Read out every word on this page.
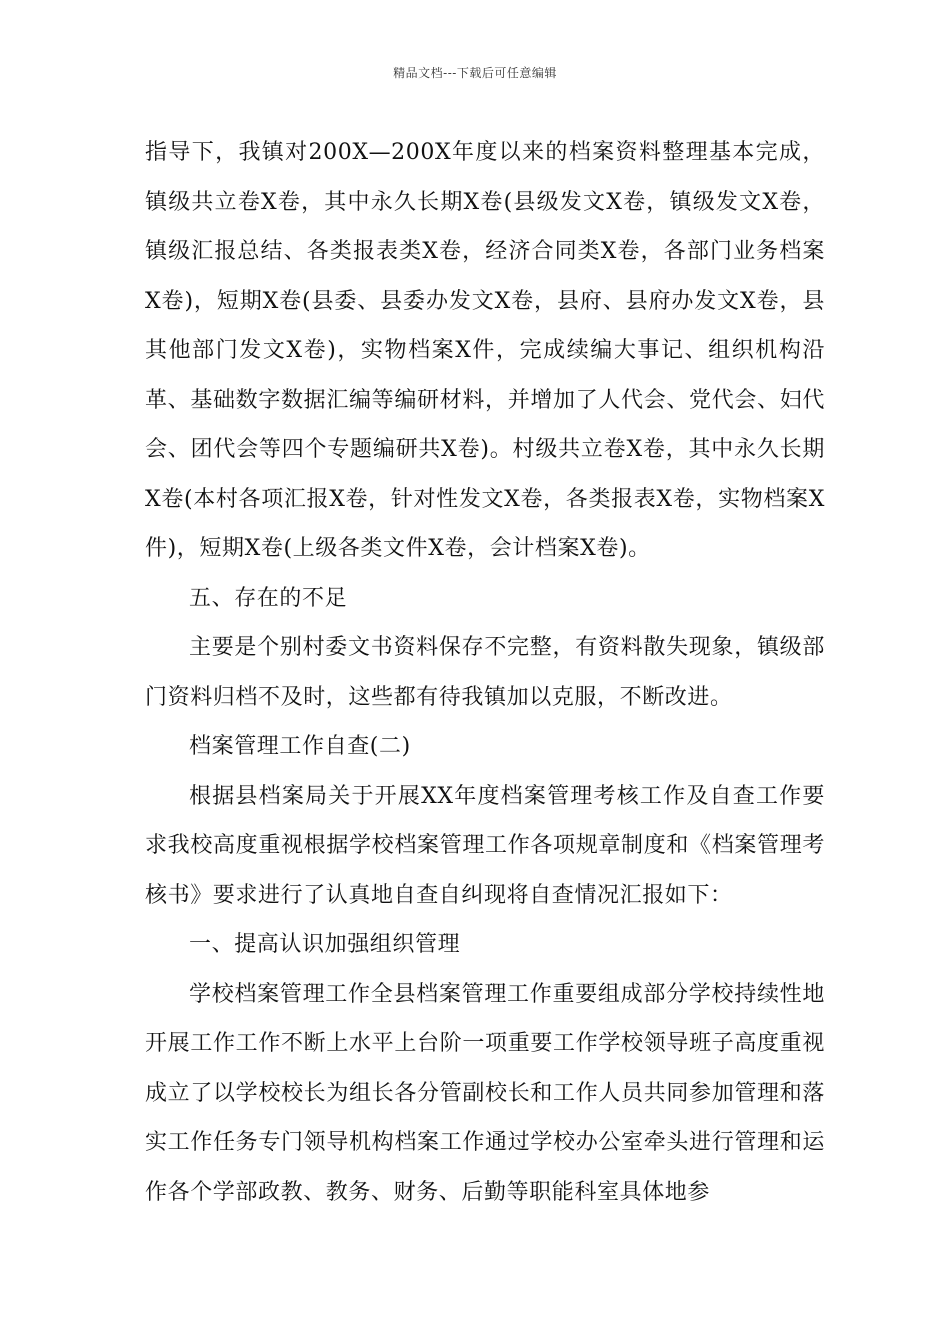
精品文档---下载后可任意编辑

指导下，我镇对200X—200X年度以来的档案资料整理基本完成，镇级共立卷X卷，其中永久长期X卷(县级发文X卷，镇级发文X卷，镇级汇报总结、各类报表类X卷，经济合同类X卷，各部门业务档案X卷)，短期X卷(县委、县委办发文X卷，县府、县府办发文X卷，县其他部门发文X卷)，实物档案X件，完成续编大事记、组织机构沿革、基础数字数据汇编等编研材料，并增加了人代会、党代会、妇代会、团代会等四个专题编研共X卷)。村级共立卷X卷，其中永久长期X卷(本村各项汇报X卷，针对性发文X卷，各类报表X卷，实物档案X件)，短期X卷(上级各类文件X卷，会计档案X卷)。

五、存在的不足

主要是个别村委文书资料保存不完整，有资料散失现象，镇级部门资料归档不及时，这些都有待我镇加以克服，不断改进。

档案管理工作自查(二)

根据县档案局关于开展XX年度档案管理考核工作及自查工作要求我校高度重视根据学校档案管理工作各项规章制度和《档案管理考核书》要求进行了认真地自查自纠现将自查情况汇报如下：

一、提高认识加强组织管理

学校档案管理工作全县档案管理工作重要组成部分学校持续性地开展工作工作不断上水平上台阶一项重要工作学校领导班子高度重视成立了以学校校长为组长各分管副校长和工作人员共同参加管理和落实工作任务专门领导机构档案工作通过学校办公室牵头进行管理和运作各个学部政教、教务、财务、后勤等职能科室具体地参
